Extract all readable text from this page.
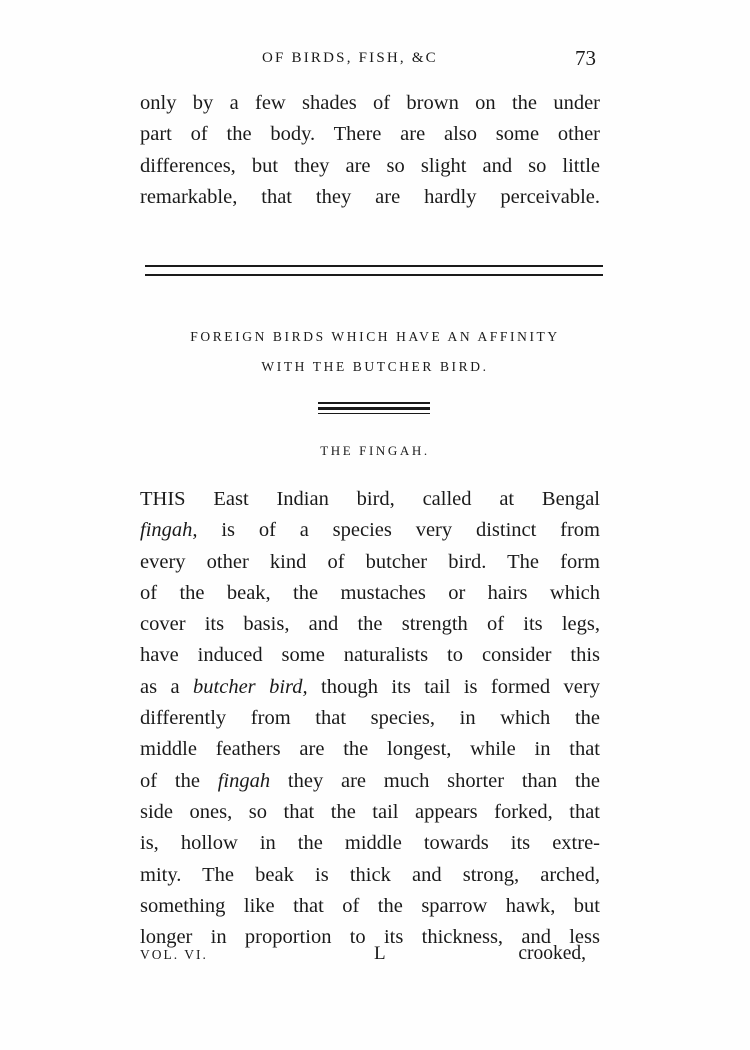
OF BIRDS, FISH, &C	73
only by a few shades of brown on the under
part of the body. There are also some other
differences, but they are so slight and so little
remarkable, that they are hardly perceivable.
FOREIGN BIRDS WHICH HAVE AN AFFINITY
WITH THE BUTCHER BIRD.
THE FINGAH.
THIS East Indian bird, called at Bengal
fingah, is of a species very distinct from
every other kind of butcher bird. The form
of the beak, the mustaches or hairs which
cover its basis, and the strength of its legs,
have induced some naturalists to consider this
as a butcher bird, though its tail is formed very
differently from that species, in which the
middle feathers are the longest, while in that
of the fingah they are much shorter than the
side ones, so that the tail appears forked, that
is, hollow in the middle towards its extre-
mity. The beak is thick and strong, arched,
something like that of the sparrow hawk, but
longer in proportion to its thickness, and less
VOL. VI.	L	crooked,
